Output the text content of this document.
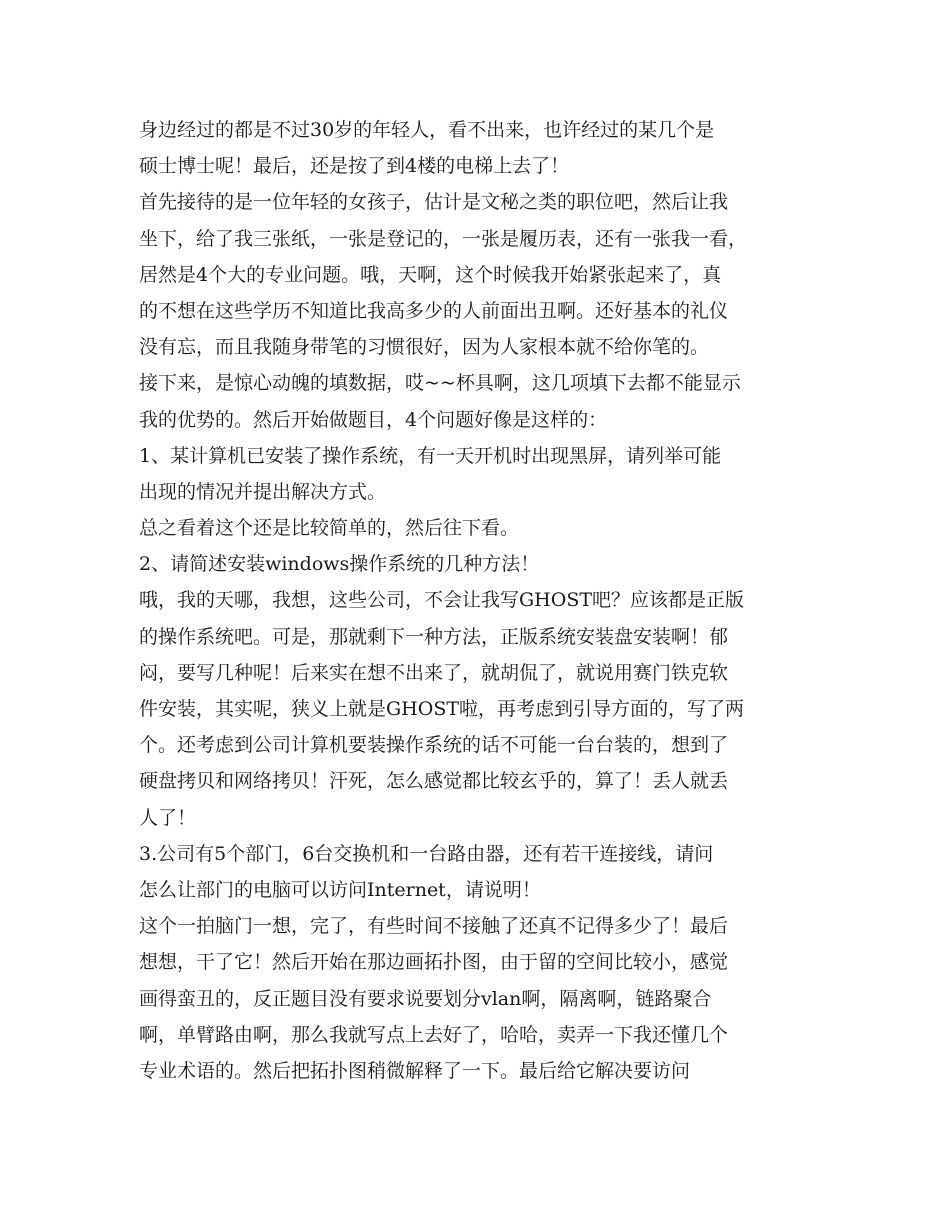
身边经过的都是不过30岁的年轻人，看不出来，也许经过的某几个是
硕士博士呢！最后，还是按了到4楼的电梯上去了！
首先接待的是一位年轻的女孩子，估计是文秘之类的职位吧，然后让我
坐下，给了我三张纸，一张是登记的，一张是履历表，还有一张我一看，
居然是4个大的专业问题。哦，天啊，这个时候我开始紧张起来了，真
的不想在这些学历不知道比我高多少的人前面出丑啊。还好基本的礼仪
没有忘，而且我随身带笔的习惯很好，因为人家根本就不给你笔的。
接下来，是惊心动魄的填数据，哎~~杯具啊，这几项填下去都不能显示
我的优势的。然后开始做题目，4个问题好像是这样的：
1、某计算机已安装了操作系统，有一天开机时出现黑屏，请列举可能
出现的情况并提出解决方式。
总之看着这个还是比较简单的，然后往下看。
2、请简述安装windows操作系统的几种方法！
哦，我的天哪，我想，这些公司，不会让我写GHOST吧？应该都是正版
的操作系统吧。可是，那就剩下一种方法，正版系统安装盘安装啊！郁
闷，要写几种呢！后来实在想不出来了，就胡侃了，就说用赛门铁克软
件安装，其实呢，狭义上就是GHOST啦，再考虑到引导方面的，写了两
个。还考虑到公司计算机要装操作系统的话不可能一台台装的，想到了
硬盘拷贝和网络拷贝！汗死，怎么感觉都比较玄乎的，算了！丢人就丢
人了！
3.公司有5个部门，6台交换机和一台路由器，还有若干连接线，请问
怎么让部门的电脑可以访问Internet，请说明！
这个一拍脑门一想，完了，有些时间不接触了还真不记得多少了！最后
想想，干了它！然后开始在那边画拓扑图，由于留的空间比较小，感觉
画得蛮丑的，反正题目没有要求说要划分vlan啊，隔离啊，链路聚合
啊，单臂路由啊，那么我就写点上去好了，哈哈，卖弄一下我还懂几个
专业术语的。然后把拓扑图稍微解释了一下。最后给它解决要访问
